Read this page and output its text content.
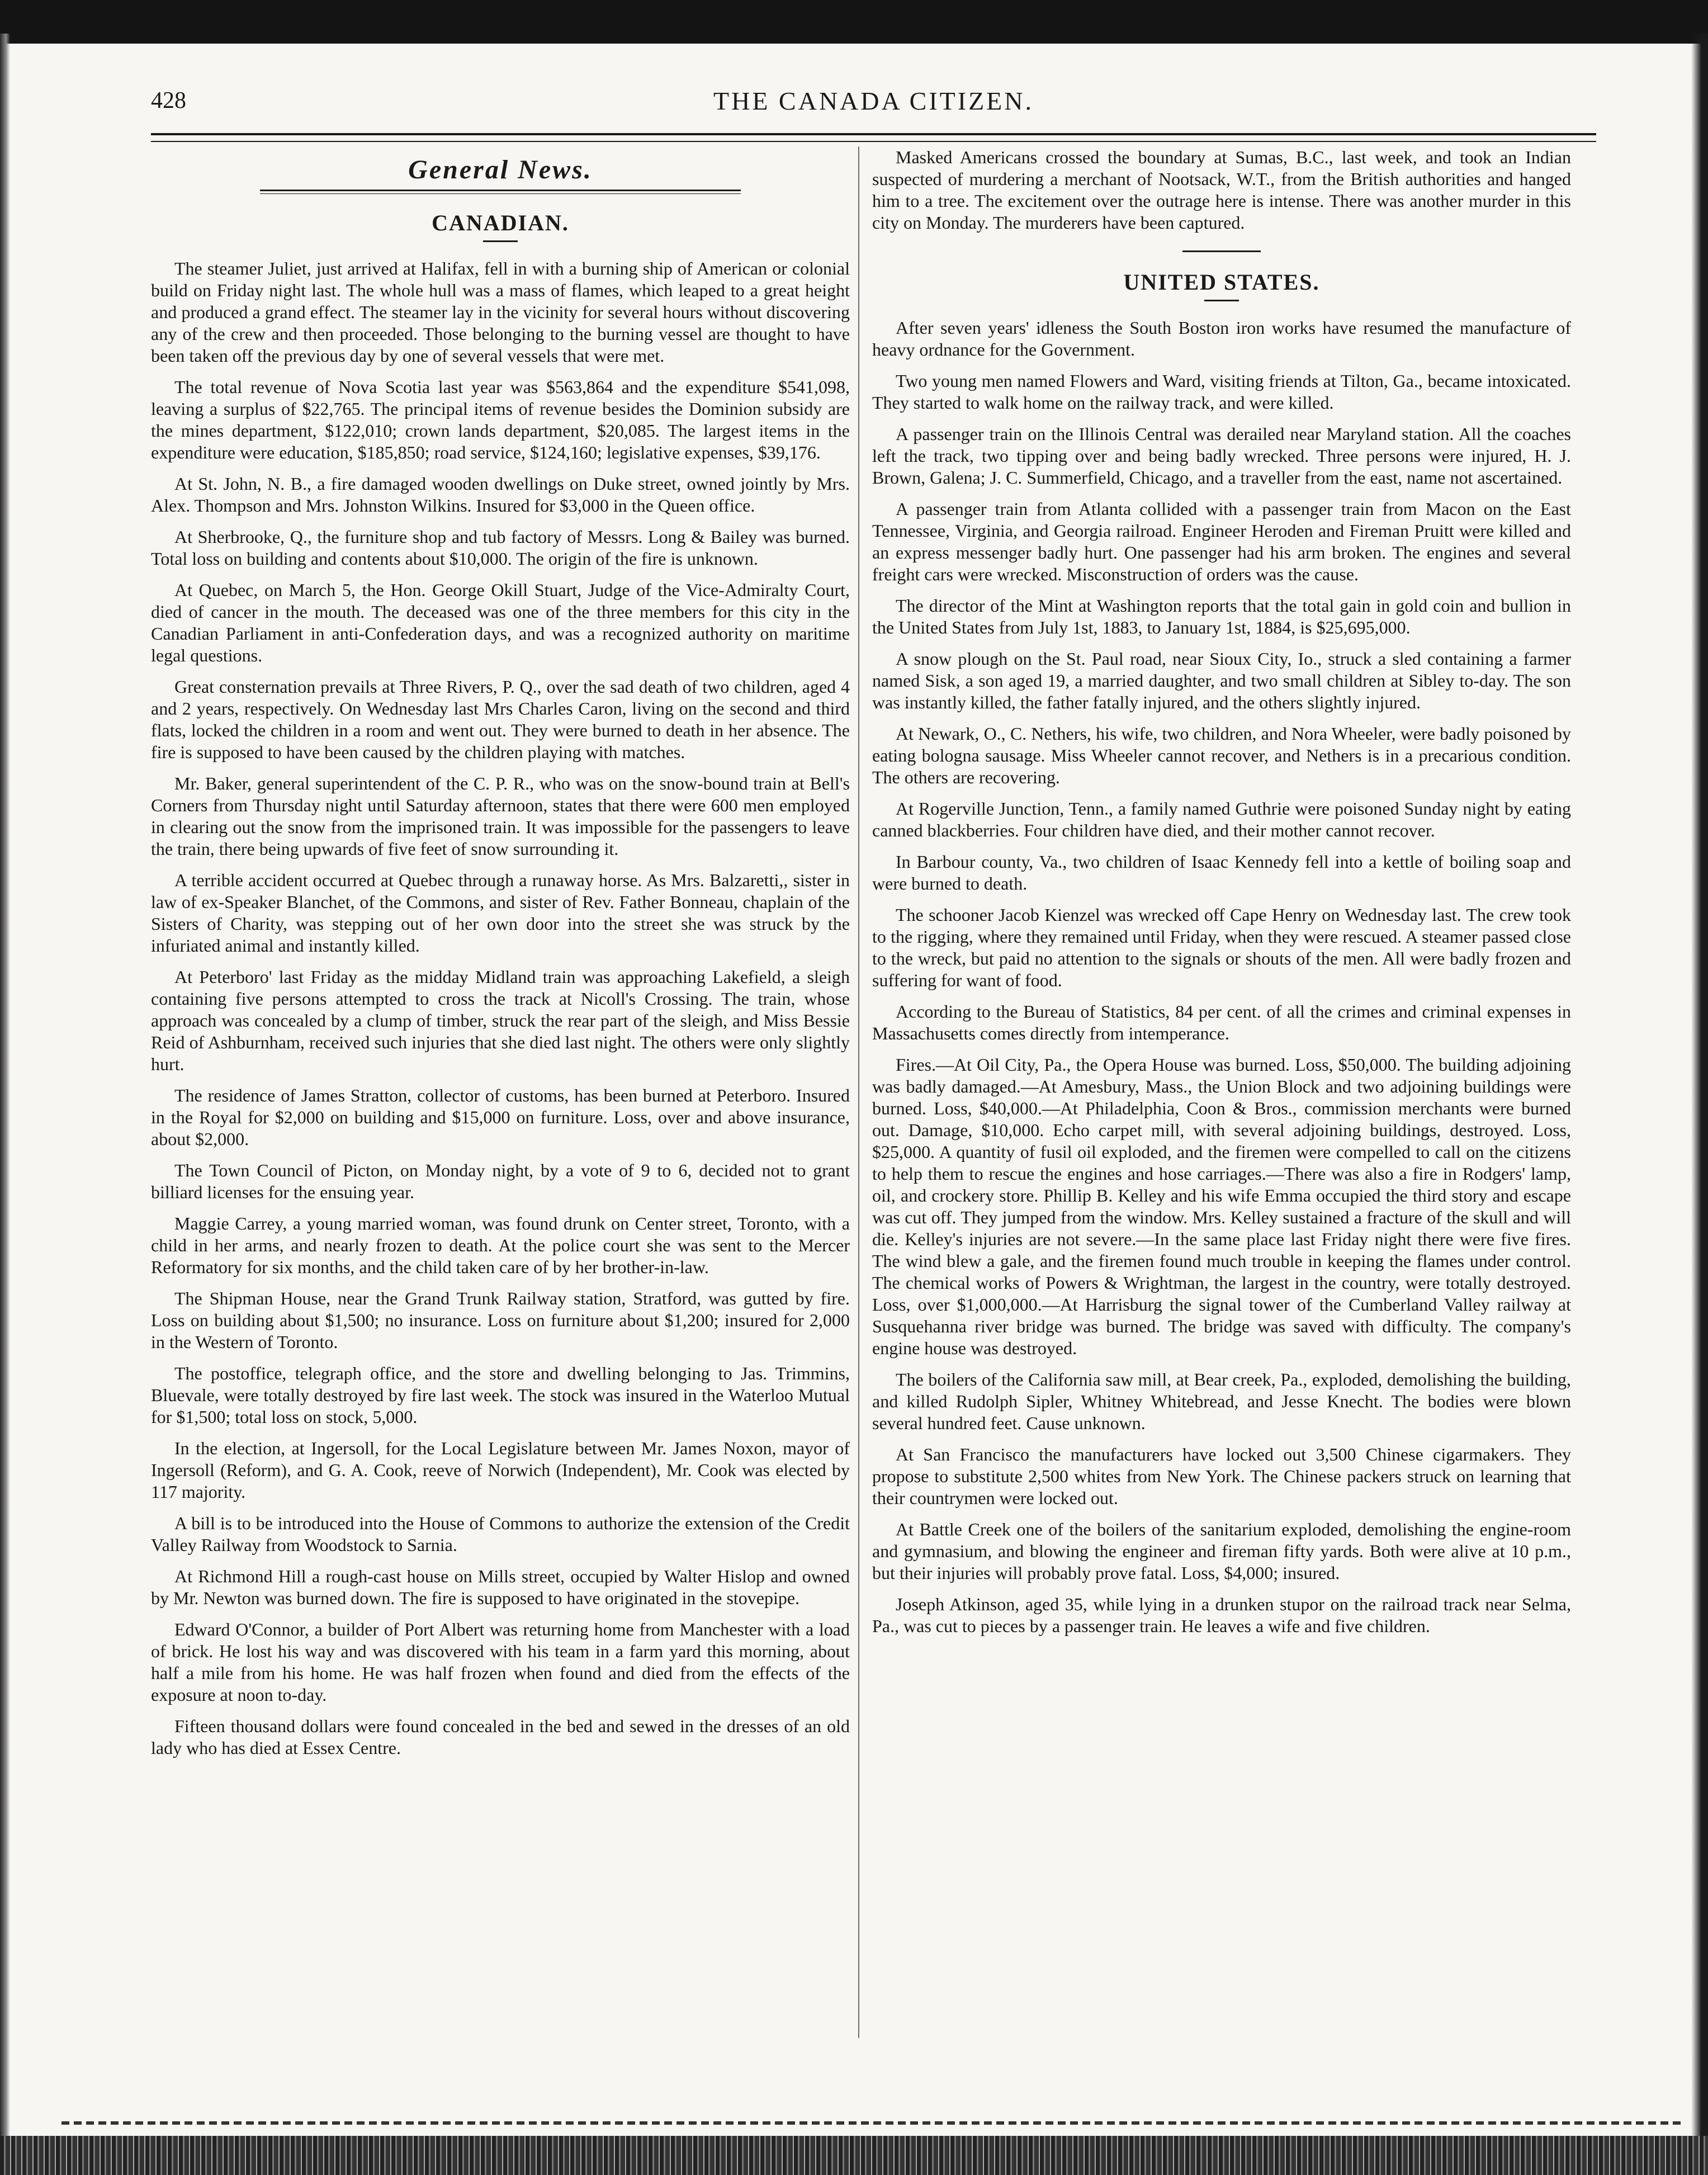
428	THE CANADA CITIZEN.
General News.
CANADIAN.

The steamer Juliet, just arrived at Halifax, fell in with a burning ship of American or colonial build on Friday night last. The whole hull was a mass of flames, which leaped to a great height and produced a grand effect. The steamer lay in the vicinity for several hours without discovering any of the crew and then proceeded. Those belonging to the burning vessel are thought to have been taken off the previous day by one of several vessels that were met.

The total revenue of Nova Scotia last year was $563,864 and the expenditure $541,098, leaving a surplus of $22,765. The principal items of revenue besides the Dominion subsidy are the mines department, $122,010; crown lands department, $20,085. The largest items in the expenditure were education, $185,850; road service, $124,160; legislative expenses, $39,176.

At St. John, N. B., a fire damaged wooden dwellings on Duke street, owned jointly by Mrs. Alex. Thompson and Mrs. Johnston Wilkins. Insured for $3,000 in the Queen office.

At Sherbrooke, Q., the furniture shop and tub factory of Messrs. Long & Bailey was burned. Total loss on building and contents about $10,000. The origin of the fire is unknown.

At Quebec, on March 5, the Hon. George Okill Stuart, Judge of the Vice-Admiralty Court, died of cancer in the mouth. The deceased was one of the three members for this city in the Canadian Parliament in anti-Confederation days, and was a recognized authority on maritime legal questions.

Great consternation prevails at Three Rivers, P. Q., over the sad death of two children, aged 4 and 2 years, respectively. On Wednesday last Mrs Charles Caron, living on the second and third flats, locked the children in a room and went out. They were burned to death in her absence. The fire is supposed to have been caused by the children playing with matches.

Mr. Baker, general superintendent of the C. P. R., who was on the snow-bound train at Bell's Corners from Thursday night until Saturday afternoon, states that there were 600 men employed in clearing out the snow from the imprisoned train. It was impossible for the passengers to leave the train, there being upwards of five feet of snow surrounding it.

A terrible accident occurred at Quebec through a runaway horse. As Mrs. Balzaretti,, sister in law of ex-Speaker Blanchet, of the Commons, and sister of Rev. Father Bonneau, chaplain of the Sisters of Charity, was stepping out of her own door into the street she was struck by the infuriated animal and instantly killed.

At Peterboro' last Friday as the midday Midland train was approaching Lakefield, a sleigh containing five persons attempted to cross the track at Nicoll's Crossing. The train, whose approach was concealed by a clump of timber, struck the rear part of the sleigh, and Miss Bessie Reid of Ashburnham, received such injuries that she died last night. The others were only slightly hurt.

The residence of James Stratton, collector of customs, has been burned at Peterboro. Insured in the Royal for $2,000 on building and $15,000 on furniture. Loss, over and above insurance, about $2,000.

The Town Council of Picton, on Monday night, by a vote of 9 to 6, decided not to grant billiard licenses for the ensuing year.

Maggie Carrey, a young married woman, was found drunk on Center street, Toronto, with a child in her arms, and nearly frozen to death. At the police court she was sent to the Mercer Reformatory for six months, and the child taken care of by her brother-in-law.

The Shipman House, near the Grand Trunk Railway station, Stratford, was gutted by fire. Loss on building about $1,500; no insurance. Loss on furniture about $1,200; insured for 2,000 in the Western of Toronto.

The postoffice, telegraph office, and the store and dwelling belonging to Jas. Trimmins, Bluevale, were totally destroyed by fire last week. The stock was insured in the Waterloo Mutual for $1,500; total loss on stock, 5,000.

In the election, at Ingersoll, for the Local Legislature between Mr. James Noxon, mayor of Ingersoll (Reform), and G. A. Cook, reeve of Norwich (Independent), Mr. Cook was elected by 117 majority.

A bill is to be introduced into the House of Commons to authorize the extension of the Credit Valley Railway from Woodstock to Sarnia.

At Richmond Hill a rough-cast house on Mills street, occupied by Walter Hislop and owned by Mr. Newton was burned down. The fire is supposed to have originated in the stovepipe.

Edward O'Connor, a builder of Port Albert was returning home from Manchester with a load of brick. He lost his way and was discovered with his team in a farm yard this morning, about half a mile from his home. He was half frozen when found and died from the effects of the exposure at noon to-day.

Fifteen thousand dollars were found concealed in the bed and sewed in the dresses of an old lady who has died at Essex Centre.

Masked Americans crossed the boundary at Sumas, B.C., last week, and took an Indian suspected of murdering a merchant of Nootsack, W.T., from the British authorities and hanged him to a tree. The excitement over the outrage here is intense. There was another murder in this city on Monday. The murderers have been captured.

UNITED STATES.

After seven years' idleness the South Boston iron works have resumed the manufacture of heavy ordnance for the Government.

Two young men named Flowers and Ward, visiting friends at Tilton, Ga., became intoxicated. They started to walk home on the railway track, and were killed.

A passenger train on the Illinois Central was derailed near Maryland station. All the coaches left the track, two tipping over and being badly wrecked. Three persons were injured, H. J. Brown, Galena; J. C. Summerfield, Chicago, and a traveller from the east, name not ascertained.

A passenger train from Atlanta collided with a passenger train from Macon on the East Tennessee, Virginia, and Georgia railroad. Engineer Heroden and Fireman Pruitt were killed and an express messenger badly hurt. One passenger had his arm broken. The engines and several freight cars were wrecked. Misconstruction of orders was the cause.

The director of the Mint at Washington reports that the total gain in gold coin and bullion in the United States from July 1st, 1883, to January 1st, 1884, is $25,695,000.

A snow plough on the St. Paul road, near Sioux City, Io., struck a sled containing a farmer named Sisk, a son aged 19, a married daughter, and two small children at Sibley to-day. The son was instantly killed, the father fatally injured, and the others slightly injured.

At Newark, O., C. Nethers, his wife, two children, and Nora Wheeler, were badly poisoned by eating bologna sausage. Miss Wheeler cannot recover, and Nethers is in a precarious condition. The others are recovering.

At Rogerville Junction, Tenn., a family named Guthrie were poisoned Sunday night by eating canned blackberries. Four children have died, and their mother cannot recover.

In Barbour county, Va., two children of Isaac Kennedy fell into a kettle of boiling soap and were burned to death.

The schooner Jacob Kienzel was wrecked off Cape Henry on Wednesday last. The crew took to the rigging, where they remained until Friday, when they were rescued. A steamer passed close to the wreck, but paid no attention to the signals or shouts of the men. All were badly frozen and suffering for want of food.

According to the Bureau of Statistics, 84 per cent. of all the crimes and criminal expenses in Massachusetts comes directly from intemperance.

Fires.—At Oil City, Pa., the Opera House was burned. Loss, $50,000. The building adjoining was badly damaged.—At Amesbury, Mass., the Union Block and two adjoining buildings were burned. Loss, $40,000.—At Philadelphia, Coon & Bros., commission merchants were burned out. Damage, $10,000. Echo carpet mill, with several adjoining buildings, destroyed. Loss, $25,000. A quantity of fusil oil exploded, and the firemen were compelled to call on the citizens to help them to rescue the engines and hose carriages.—There was also a fire in Rodgers' lamp, oil, and crockery store. Phillip B. Kelley and his wife Emma occupied the third story and escape was cut off. They jumped from the window. Mrs. Kelley sustained a fracture of the skull and will die. Kelley's injuries are not severe.—In the same place last Friday night there were five fires. The wind blew a gale, and the firemen found much trouble in keeping the flames under control. The chemical works of Powers & Wrightman, the largest in the country, were totally destroyed. Loss, over $1,000,000.—At Harrisburg the signal tower of the Cumberland Valley railway at Susquehanna river bridge was burned. The bridge was saved with difficulty. The company's engine house was destroyed.

The boilers of the California saw mill, at Bear creek, Pa., exploded, demolishing the building, and killed Rudolph Sipler, Whitney Whitebread, and Jesse Knecht. The bodies were blown several hundred feet. Cause unknown.

At San Francisco the manufacturers have locked out 3,500 Chinese cigarmakers. They propose to substitute 2,500 whites from New York. The Chinese packers struck on learning that their countrymen were locked out.

At Battle Creek one of the boilers of the sanitarium exploded, demolishing the engine-room and gymnasium, and blowing the engineer and fireman fifty yards. Both were alive at 10 p.m., but their injuries will probably prove fatal. Loss, $4,000; insured.

Joseph Atkinson, aged 35, while lying in a drunken stupor on the railroad track near Selma, Pa., was cut to pieces by a passenger train. He leaves a wife and five children.
